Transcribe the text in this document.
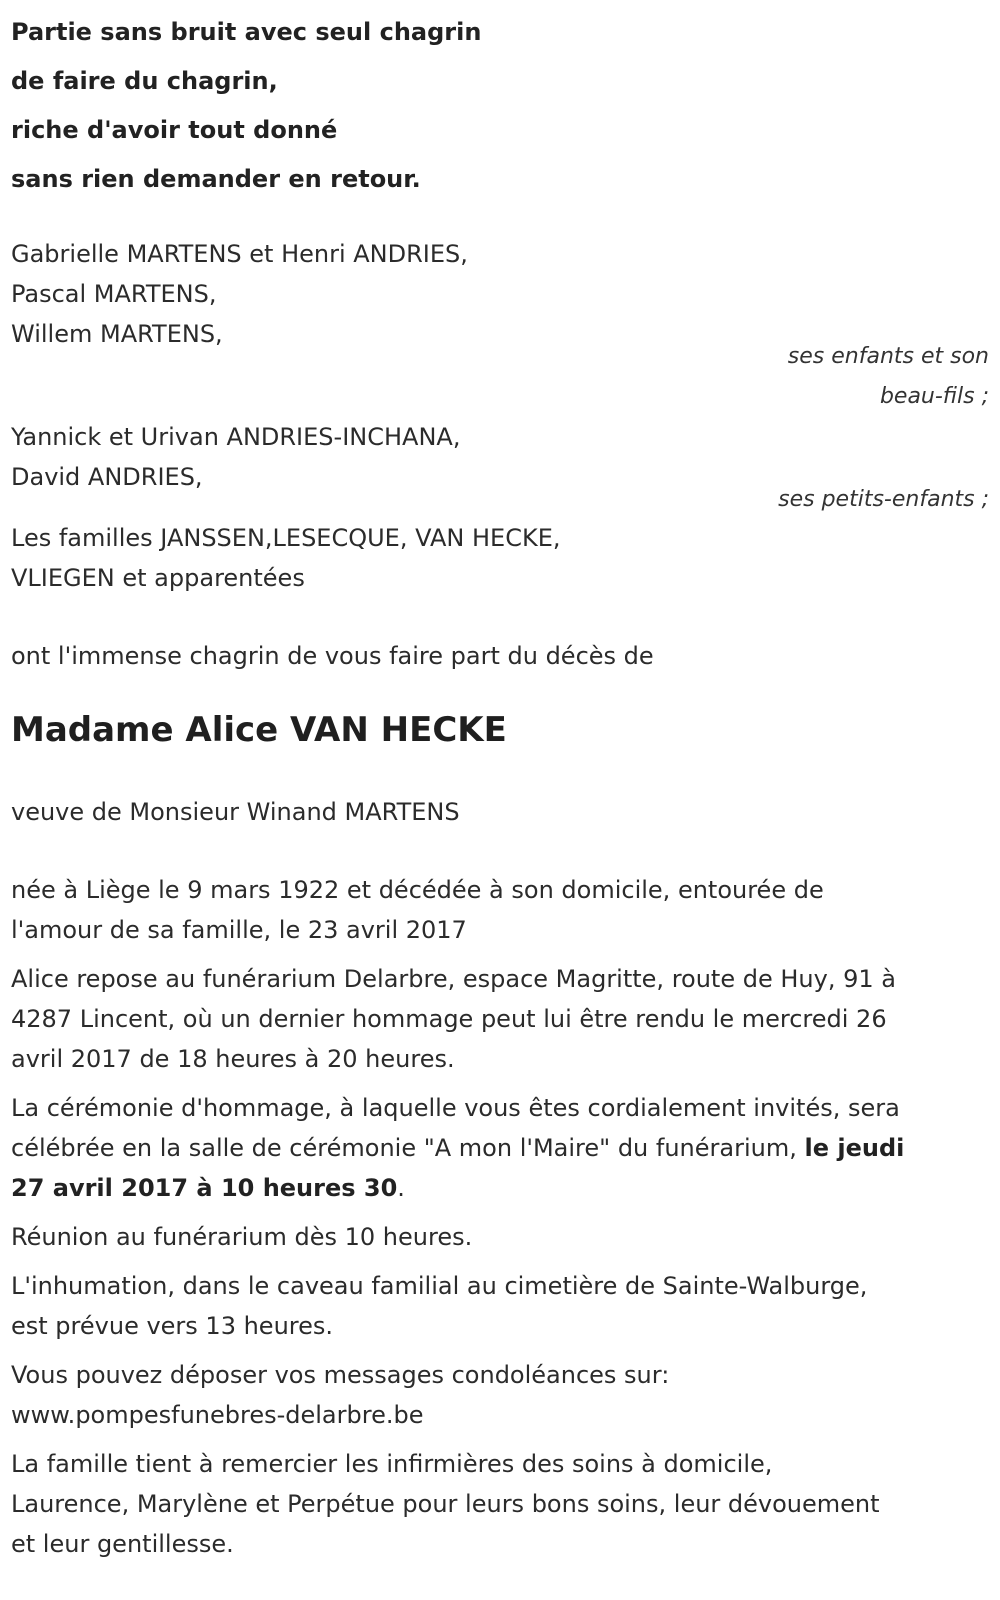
Partie sans bruit avec seul chagrin
de faire du chagrin,
riche d'avoir tout donné
sans rien demander en retour.
Gabrielle MARTENS et Henri ANDRIES,
Pascal MARTENS,
Willem MARTENS,
ses enfants et son
beau-fils ;
Yannick et Urivan ANDRIES-INCHANA,
David ANDRIES,
ses petits-enfants ;
Les familles JANSSEN,LESECQUE, VAN HECKE,
VLIEGEN et apparentées
ont l'immense chagrin de vous faire part du décès de
Madame Alice VAN HECKE
veuve de Monsieur Winand MARTENS
née à Liège le 9 mars 1922 et décédée à son domicile, entourée de
l'amour de sa famille, le 23 avril 2017
Alice repose au funérarium Delarbre, espace Magritte, route de Huy, 91 à
4287 Lincent, où un dernier hommage peut lui être rendu le mercredi 26
avril 2017 de 18 heures à 20 heures.
La cérémonie d'hommage, à laquelle vous êtes cordialement invités, sera
célébrée en la salle de cérémonie "A mon l'Maire" du funérarium, le jeudi
27 avril 2017 à 10 heures 30.
Réunion au funérarium dès 10 heures.
L'inhumation, dans le caveau familial au cimetière de Sainte-Walburge,
est prévue vers 13 heures.
Vous pouvez déposer vos messages condoléances sur:
www.pompesfunebres-delarbre.be
La famille tient à remercier les infirmières des soins à domicile,
Laurence, Marylène et Perpétue pour leurs bons soins, leur dévouement
et leur gentillesse.
